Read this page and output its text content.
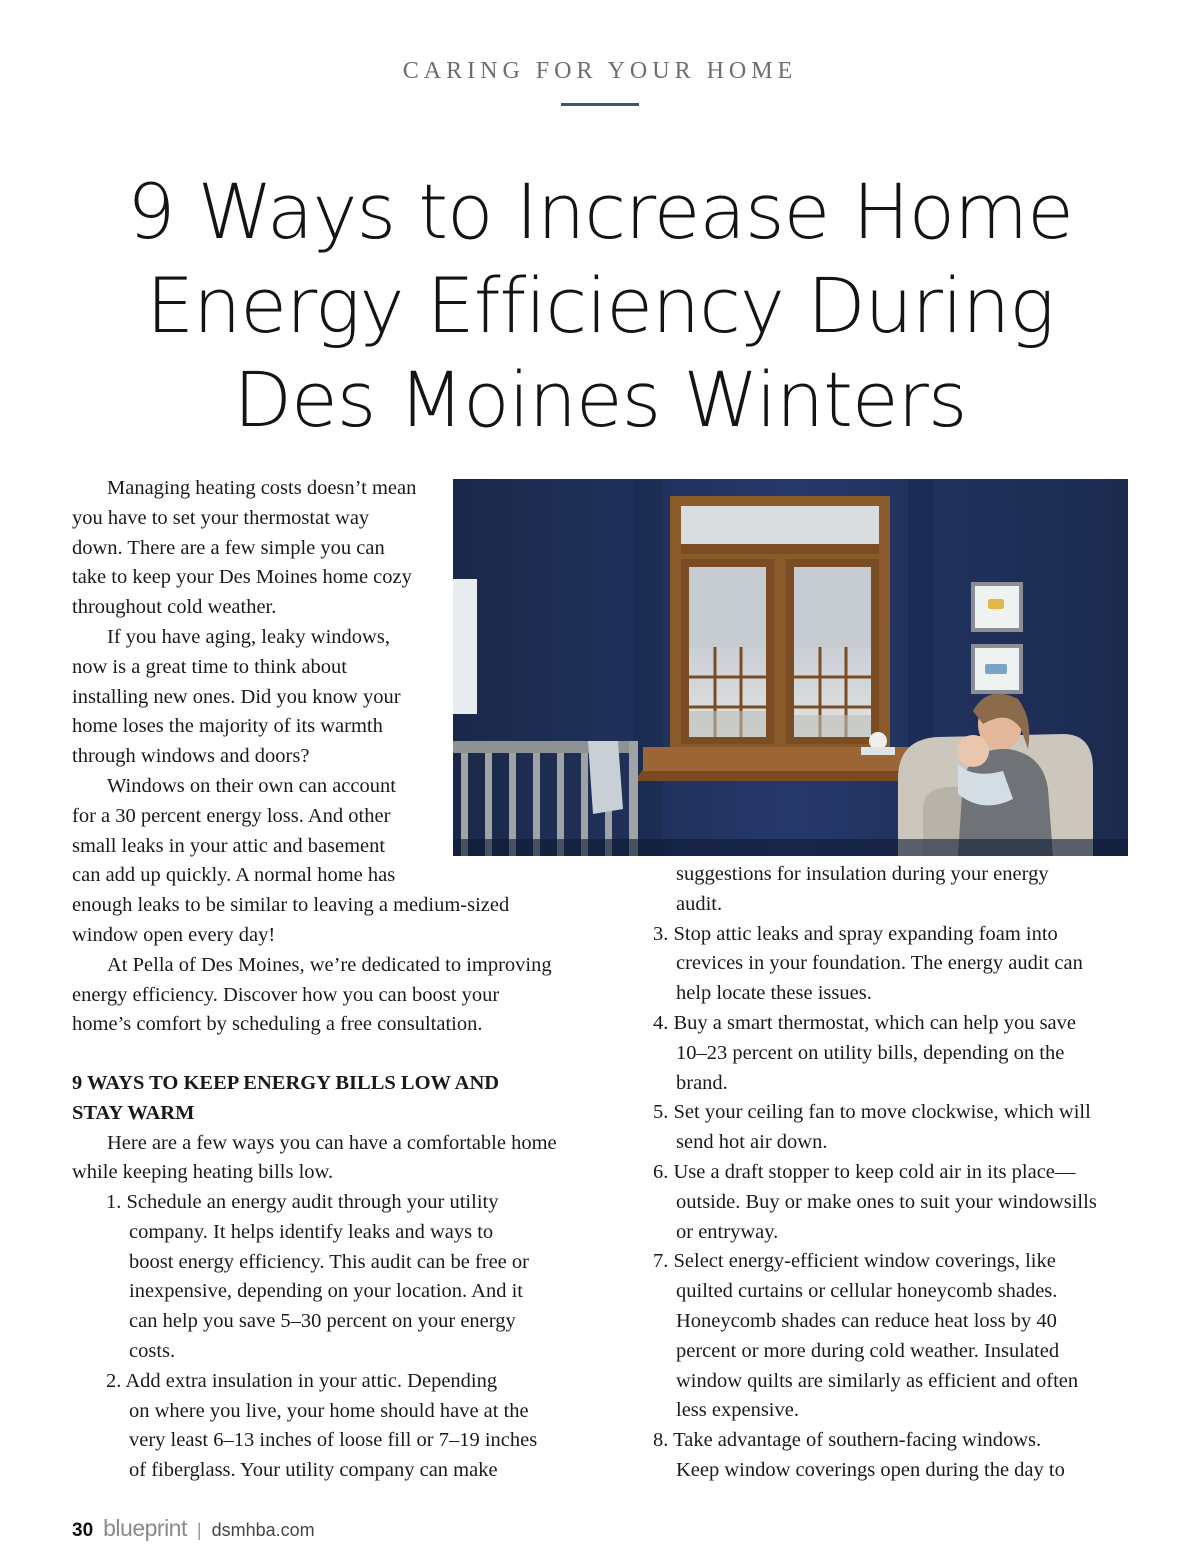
CARING FOR YOUR HOME
9 Ways to Increase Home
Energy Efficiency During
Des Moines Winters
Managing heating costs doesn’t mean
you have to set your thermostat way
down. There are a few simple you can
take to keep your Des Moines home cozy
throughout cold weather.
If you have aging, leaky windows,
now is a great time to think about
installing new ones. Did you know your
home loses the majority of its warmth
through windows and doors?
Windows on their own can account
for a 30 percent energy loss. And other
small leaks in your attic and basement
can add up quickly. A normal home has
enough leaks to be similar to leaving a medium-sized
window open every day!
At Pella of Des Moines, we’re dedicated to improving
energy efficiency. Discover how you can boost your
home’s comfort by scheduling a free consultation.
9 WAYS TO KEEP ENERGY BILLS LOW AND
STAY WARM
Here are a few ways you can have a comfortable home
while keeping heating bills low.
1. Schedule an energy audit through your utility
company. It helps identify leaks and ways to
boost energy efficiency. This audit can be free or
inexpensive, depending on your location. And it
can help you save 5–30 percent on your energy
costs.
2. Add extra insulation in your attic. Depending
on where you live, your home should have at the
very least 6–13 inches of loose fill or 7–19 inches
of fiberglass. Your utility company can make
suggestions for insulation during your energy
audit.
3. Stop attic leaks and spray expanding foam into
crevices in your foundation. The energy audit can
help locate these issues.
4. Buy a smart thermostat, which can help you save
10–23 percent on utility bills, depending on the
brand.
5. Set your ceiling fan to move clockwise, which will
send hot air down.
6. Use a draft stopper to keep cold air in its place—
outside. Buy or make ones to suit your windowsills
or entryway.
7. Select energy-efficient window coverings, like
quilted curtains or cellular honeycomb shades.
Honeycomb shades can reduce heat loss by 40
percent or more during cold weather. Insulated
window quilts are similarly as efficient and often
less expensive.
8. Take advantage of southern-facing windows.
Keep window coverings open during the day to
30 blueprint | dsmhba.com
